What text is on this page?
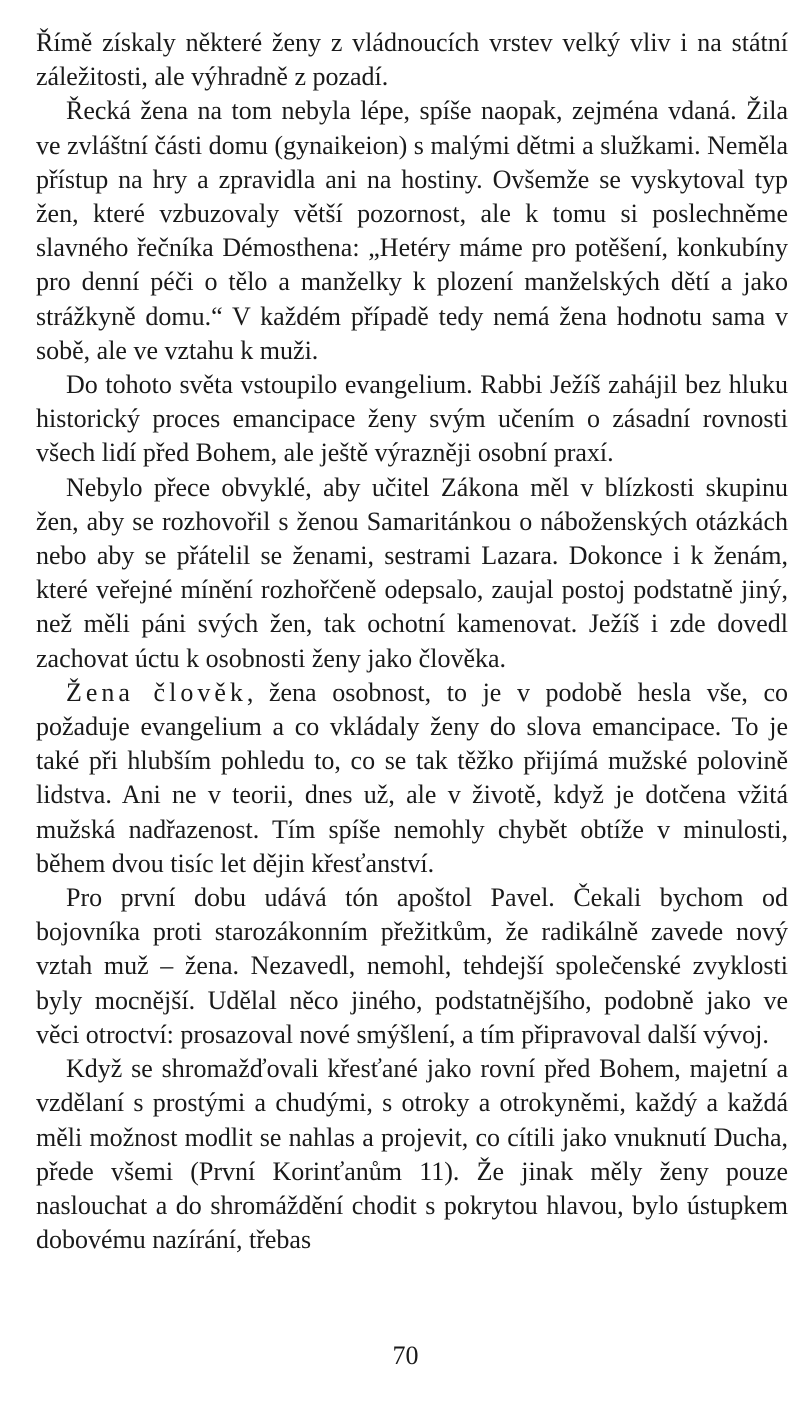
Římě získaly některé ženy z vládnoucích vrstev velký vliv i na státní záležitosti, ale výhradně z pozadí.

Řecká žena na tom nebyla lépe, spíše naopak, zejména vdaná. Žila ve zvláštní části domu (gynaikeion) s malými dětmi a služkami. Neměla přístup na hry a zpravidla ani na hostiny. Ovšemže se vyskytoval typ žen, které vzbuzovaly větší pozornost, ale k tomu si poslechněme slavného řečníka Démosthena: „Hetéry máme pro potěšení, konkubíny pro denní péči o tělo a manželky k plození manželských dětí a jako strážkyně domu.“ V každém případě tedy nemá žena hodnotu sama v sobě, ale ve vztahu k muži.

Do tohoto světa vstoupilo evangelium. Rabbi Ježíš zahájil bez hluku historický proces emancipace ženy svým učením o zásadní rovnosti všech lidí před Bohem, ale ještě výrazněji osobní praxí.

Nebylo přece obvyklé, aby učitel Zákona měl v blízkosti skupinu žen, aby se rozhovořil s ženou Samaritánkou o náboženských otázkách nebo aby se přátelil se ženami, sestrami Lazara. Dokonce i k ženám, které veřejné mínění rozhořčeně odepsalo, zaujal postoj podstatně jiný, než měli páni svých žen, tak ochotní kamenovat. Ježíš i zde dovedl zachovat úctu k osobnosti ženy jako člověka.

Žena člověk, žena osobnost, to je v podobě hesla vše, co požaduje evangelium a co vkládaly ženy do slova emancipace. To je také při hlubším pohledu to, co se tak těžko přijímá mužské polovině lidstva. Ani ne v teorii, dnes už, ale v životě, když je dotčena vžitá mužská nadřazenost. Tím spíše nemohly chybět obtíže v minulosti, během dvou tisíc let dějin křesťanství.

Pro první dobu udává tón apoštol Pavel. Čekali bychom od bojovníka proti starozákonním přežitkům, že radikálně zavede nový vztah muž – žena. Nezavedl, nemohl, tehdejší společenské zvyklosti byly mocnější. Udělal něco jiného, podstatnějšího, podobně jako ve věci otroctví: prosazoval nové smýšlení, a tím připravoval další vývoj.

Když se shromažďovali křesťané jako rovní před Bohem, majetní a vzdělaní s prostými a chudými, s otroky a otrokyněmi, každý a každá měli možnost modlit se nahlas a projevit, co cítili jako vnuknutí Ducha, přede všemi (První Korinťanům 11). Že jinak měly ženy pouze naslouchat a do shromáždění chodit s pokrytou hlavou, bylo ústupkem dobovému nazírání, třebas

70
